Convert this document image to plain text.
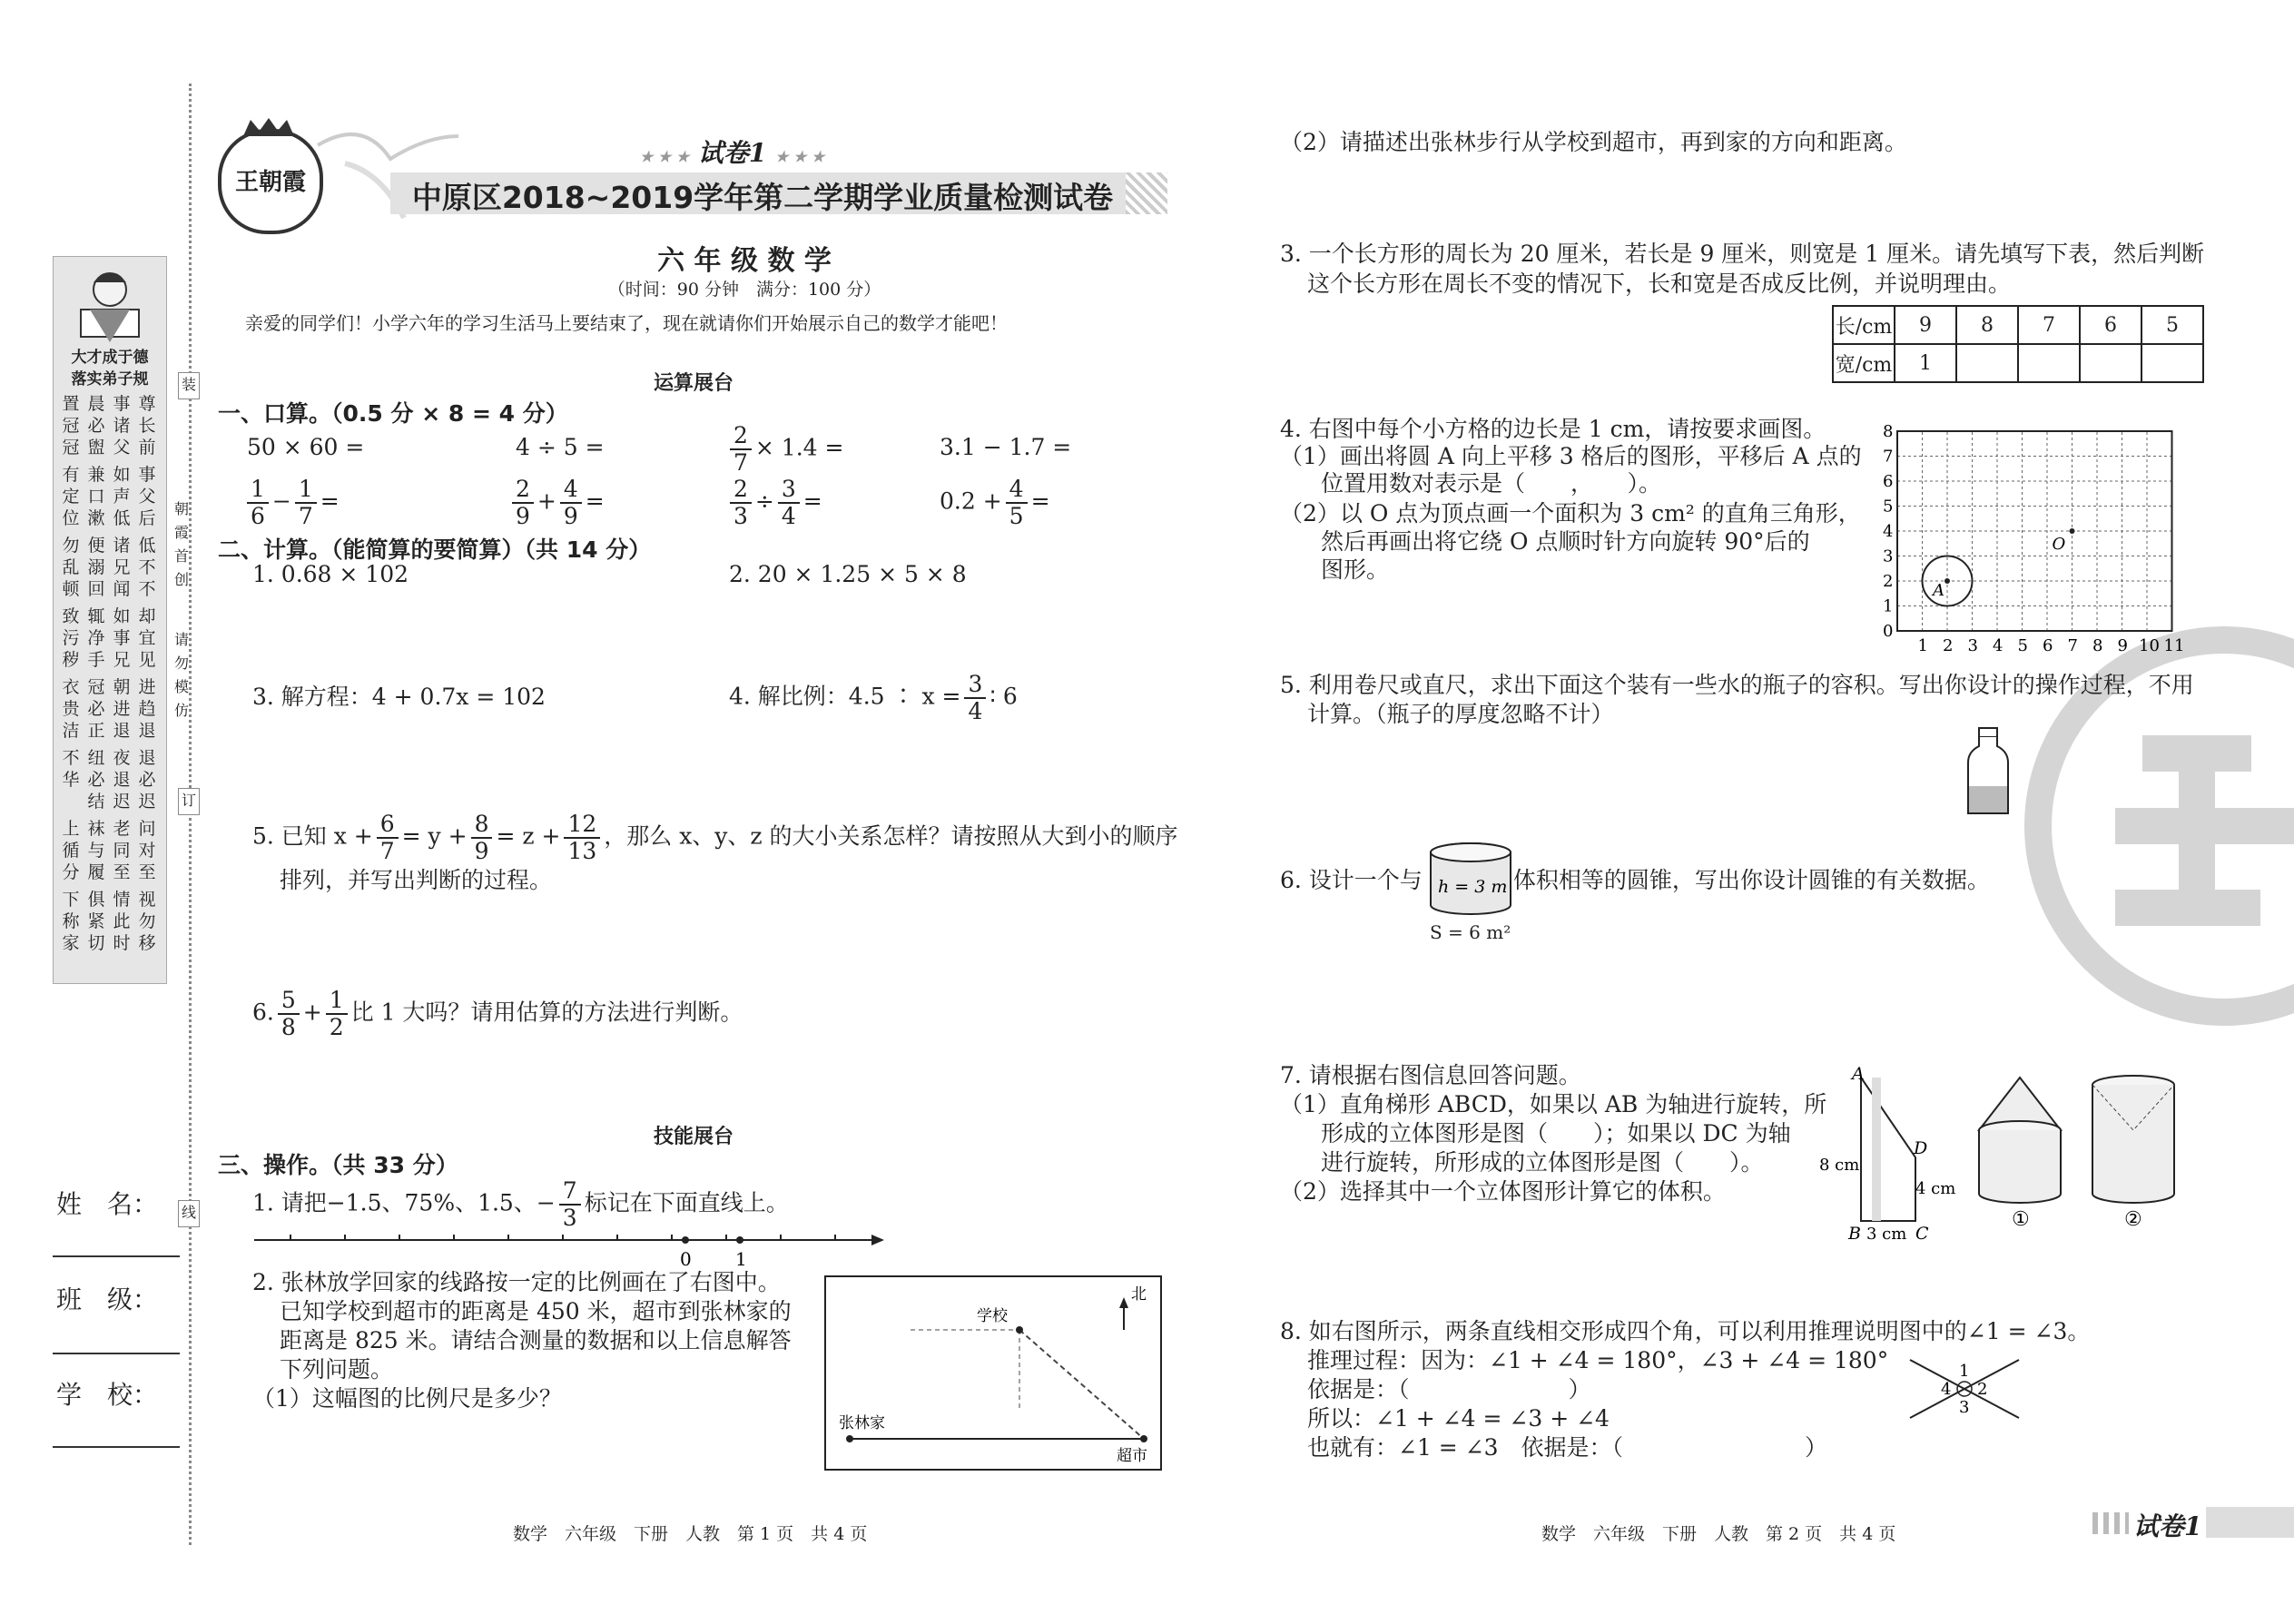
装
订
线
大才成于德
落实弟子规
置
冠
冠
晨
必
盥
事
诸
父
尊
长
前
有
定
位
兼
口
漱
如
声
低
事
父
后
勿
乱
顿
便
溺
回
诸
兄
闻
低
不
不
致
污
秽
辄
净
手
如
事
兄
却
宜
见
衣
贵
洁
冠
必
正
朝
进
退
进
趋
退
不
华
纽
必
结
夜
退
迟
退
必
迟
上
循
分
袜
与
履
老
同
至
问
对
至
下
称
家
俱
紧
切
情
此
时
视
勿
移
朝
霞
首
创
请
勿
模
仿
姓　名：
班　级：
学　校：
王朝霞
★ ★ ★ 试卷1 ★ ★ ★
中原区2018~2019学年第二学期学业质量检测试卷
六 年 级 数 学
（时间：90 分钟　满分：100 分）
亲爱的同学们！小学六年的学习生活马上要结束了，现在就请你们开始展示自己的数学才能吧！
运算展台
一、口算。（0.5 分 × 8 = 4 分）
50 × 60 =	4 ÷ 5 =	$\frac{2}{7} \times 1.4$ =	3.1 − 1.7 =
$\frac{1}{6} - \frac{1}{7}$ =	$\frac{2}{9} + \frac{4}{9}$ =	$\frac{2}{3} \div \frac{3}{4}$ =	$0.2 + \frac{4}{5}$ =
二、计算。（能简算的要简算）（共 14 分）
1. 0.68 × 102	2. 20 × 1.25 × 5 × 8
3. 解方程：4 + 0.7x = 102	4. 解比例：4.5 ∶ $x = \frac{3}{4}$ ∶ 6
5. 已知 $x + \frac{6}{7} = y + \frac{8}{9} = z + \frac{12}{13}$ ，那么 x、y、z 的大小关系怎样？请按照从大到小的顺序
排列，并写出判断的过程。
6. $\frac{5}{8} + \frac{1}{2}$ 比 1 大吗？请用估算的方法进行判断。
技能展台
三、操作。（共 33 分）
1. 请把−1.5、75%、1.5、− $\frac{7}{3}$ 标记在下面直线上。
0 1
2. 张林放学回家的线路按一定的比例画在了右图中。
已知学校到超市的距离是 450 米，超市到张林家的
距离是 825 米。请结合测量的数据和以上信息解答
下列问题。
（1）这幅图的比例尺是多少？
北
学校
张林家
超市
数学　六年级　下册　人教　第 1 页　共 4 页
（2）请描述出张林步行从学校到超市，再到家的方向和距离。
3. 一个长方形的周长为 20 厘米，若长是 9 厘米，则宽是 1 厘米。请先填写下表，然后判断
这个长方形在周长不变的情况下，长和宽是否成反比例，并说明理由。
长/cm	9	8	7	6	5
宽/cm	1				
4. 右图中每个小方格的边长是 1 cm，请按要求画图。
（1）画出将圆 A 向上平移 3 格后的图形，平移后 A 点的
位置用数对表示是（　　，　　）。
（2）以 O 点为顶点画一个面积为 3 cm² 的直角三角形，
然后再画出将它绕 O 点顺时针方向旋转 90°后的
图形。
0
1
2
3
4
5
6
7
8
1 2 3 4 5 6 7 8 9 10 11
A
O
5. 利用卷尺或直尺，求出下面这个装有一些水的瓶子的容积。写出你设计的操作过程，不用
计算。（瓶子的厚度忽略不计）
6. 设计一个与	体积相等的圆锥，写出你设计圆锥的有关数据。
h = 3 m
S = 6 m²
7. 请根据右图信息回答问题。
（1）直角梯形 ABCD，如果以 AB 为轴进行旋转，所
形成的立体图形是图（　　）；如果以 DC 为轴
进行旋转，所形成的立体图形是图（　　）。
（2）选择其中一个立体图形计算它的体积。
A
B	C
D
8 cm
4 cm
3 cm
①	②
8. 如右图所示，两条直线相交形成四个角，可以利用推理说明图中的∠1 = ∠3。
推理过程：因为：∠1 + ∠4 = 180°，∠3 + ∠4 = 180°
依据是：（　　　　　　　）
所以：∠1 + ∠4 = ∠3 + ∠4
也就有：∠1 = ∠3　依据是：（　　　　　　　　）
1
2
3
4
数学　六年级　下册　人教　第 2 页　共 4 页	试卷1
